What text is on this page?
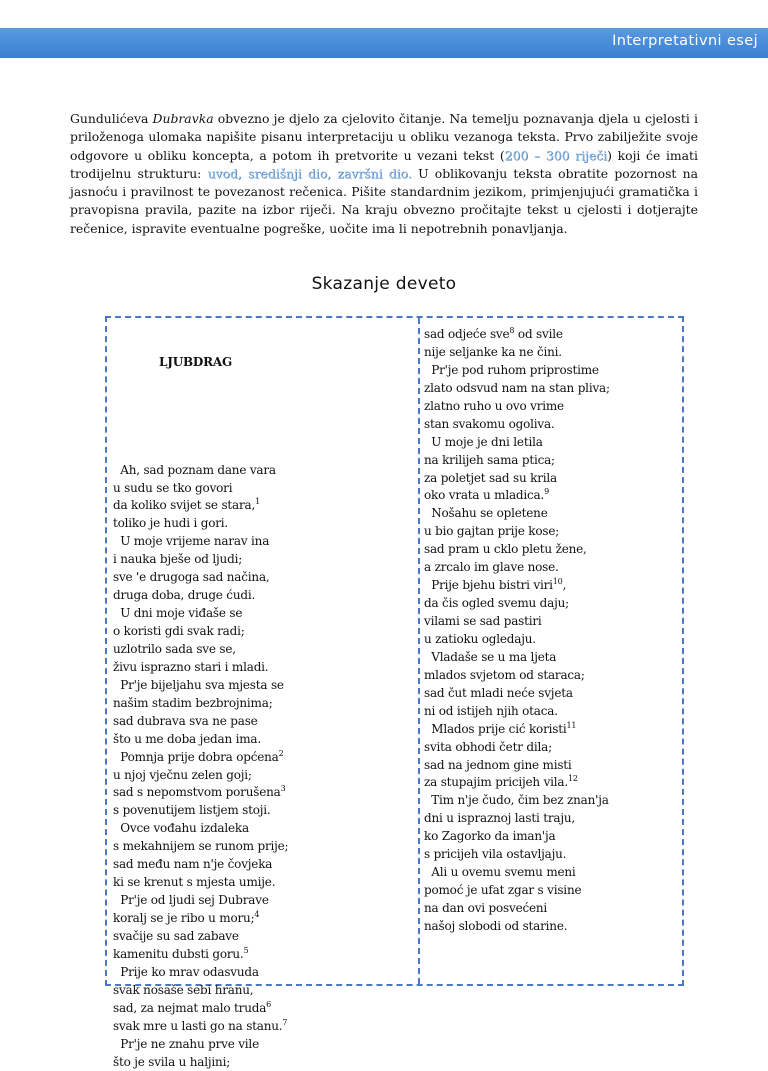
Interpretativni esej
Gundulićeva Dubravka obvezno je djelo za cjelovito čitanje. Na temelju poznavanja djela u cjelosti i priloženoga ulomaka napišite pisanu interpretaciju u obliku vezanoga teksta. Prvo zabilježite svoje odgovore u obliku koncepta, a potom ih pretvorite u vezani tekst (200 – 300 riječi) koji će imati trodijelnu strukturu: uvod, središnji dio, završni dio. U oblikovanju teksta obratite pozornost na jasnoću i pravilnost te povezanost rečenica. Pišite standardnim jezikom, primjenjujući gramatička i pravopisna pravila, pazite na izbor riječi. Na kraju obvezno pročitajte tekst u cjelosti i dotjerajte rečenice, ispravite eventualne pogreške, uočite ima li nepotrebnih ponavljanja.
Skazanje deveto

LJUBDRAG

Ah, sad poznam dane vara
u sudu se tko govori
da koliko svijet se stara,$^1$
toliko je hudi i gori.
U moje vrijeme narav ina
i nauka bješe od ljudi;
sve 'e drugoga sad načina,
druga doba, druge ćudi.
U dni moje viđaše se
o koristi gdi svak radi;
uzlotrilo sada sve se,
živu isprazno stari i mladi.
Pr'je bijeljahu sva mjesta se
našim stadim bezbrojnima;
sad dubrava sva ne pase
što u me doba jedan ima.
Pomnja prije dobra općena$^2$
u njoj vječnu zelen goji;
sad s nepomstvom porušena$^3$
s povenutijem listjem stoji.
Ovce vođahu izdaleka
s mekahnijem se runom prije;
sad među nam n'je čovjeka
ki se krenut s mjesta umije.
Pr'je od ljudi sej Dubrave
koralj se je ribo u moru;$^4$
svačije su sad zabave
kamenitu dubsti goru.$^5$
Prije ko mrav odasvuda
svak nosaše sebi hranu,
sad, za nejmat malo truda$^6$
svak mre u lasti go na stanu.$^7$
Pr'je ne znahu prve vile
što je svila u haljini;
sad odjeće sve$^8$ od svile
nije seljanke ka ne čini.
Pr'je pod ruhom priprostime
zlato odsvud nam na stan pliva;
zlatno ruho u ovo vrime
stan svakomu ogoliva.
U moje je dni letila
na krilijeh sama ptica;
za poletjet sad su krila
oko vrata u mladica.$^9$
Nošahu se opletene
u bio gajtan prije kose;
sad pram u cklo pletu žene,
a zrcalo im glave nose.
Prije bjehu bistri viri$^{10}$,
da čis ogled svemu daju;
vilami se sad pastiri
u zatioku ogledaju.
Vladaše se u ma ljeta
mlados svjetom od staraca;
sad čut mladi neće svjeta
ni od istijeh njih otaca.
Mlados prije cić koristi$^{11}$
svita obhodi četr dila;
sad na jednom gine misti
za stupajim pricijeh vila.$^{12}$
Tim n'je čudo, čim bez znan'ja
dni u ispraznoj lasti traju,
ko Zagorko da iman'ja
s pricijeh vila ostavljaju.
Ali u ovemu svemu meni
pomoć je ufat zgar s visine
na dan ovi posvećeni
našoj slobodi od starine.
